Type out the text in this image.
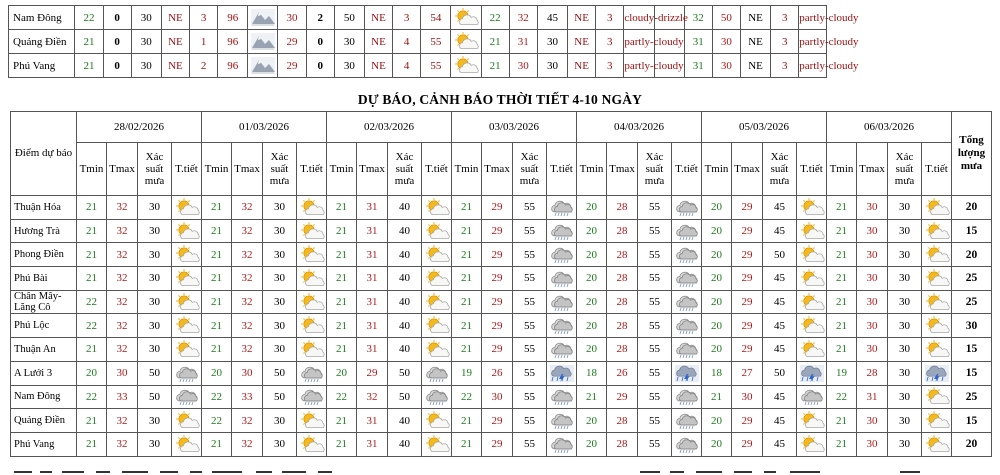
Nam Đông	22	0	30	NE	3	96		30	2	50	NE	3	54		22	32	45	NE	3	cloudy-drizzle		32	50	NE	3	partly-cloudy
Quảng Điền	21	0	30	NE	1	96		29	0	30	NE	4	55		21	31	30	NE	3	partly-cloudy		31	30	NE	3	partly-cloudy
Phú Vang	21	0	30	NE	2	96		29	0	30	NE	4	55		21	30	30	NE	3	partly-cloudy		31	30	NE	3	partly-cloudy
DỰ BÁO, CẢNH BÁO THỜI TIẾT 4-10 NGÀY
Điểm dự báo	28/02/2026				01/03/2026				02/03/2026				03/03/2026				04/03/2026				05/03/2026				06/03/2026				Tổng lượng mưa
	Tmin	Tmax	Xác suất mưa	T.tiết	Tmin	Tmax	Xác suất mưa	T.tiết	Tmin	Tmax	Xác suất mưa	T.tiết	Tmin	Tmax	Xác suất mưa	T.tiết	Tmin	Tmax	Xác suất mưa	T.tiết	Tmin	Tmax	Xác suất mưa	T.tiết	Tmin	Tmax	Xác suất mưa	T.tiết	
Thuận Hóa	21	32	30		21	32	30		21	31	40		21	29	55		20	28	55		20	29	45		21	30	30		20
Hương Trà	21	32	30		21	32	30		21	31	40		21	29	55		20	28	55		20	29	45		21	30	30		15
Phong Điền	21	32	30		21	32	30		21	31	40		21	29	55		20	28	55		20	29	50		21	30	30		20
Phú Bài	21	32	30		21	32	30		21	31	40		21	29	55		20	28	55		20	29	45		21	30	30		25
Chân Mây-Lăng Cô	22	32	30		21	32	30		21	31	40		21	29	55		20	28	55		20	29	45		21	30	30		25
Phú Lộc	22	32	30		21	32	30		21	31	40		21	29	55		20	28	55		20	29	45		21	30	30		30
Thuận An	21	32	30		21	32	30		21	31	40		21	29	55		20	28	55		20	29	45		21	30	30		15
A Lưới 3	20	30	50		20	30	50		20	29	50		19	26	55		18	26	55		18	27	50		19	28	30		15
Nam Đông	22	33	50		22	33	50		22	32	50		22	30	55		21	29	55		21	30	45		22	31	30		25
Quảng Điền	21	32	30		22	32	30		21	31	40		21	29	55		20	28	55		20	29	45		21	30	30		15
Phú Vang	21	32	30		21	32	30		21	31	40		21	29	55		20	28	55		20	29	45		21	30	30		20
